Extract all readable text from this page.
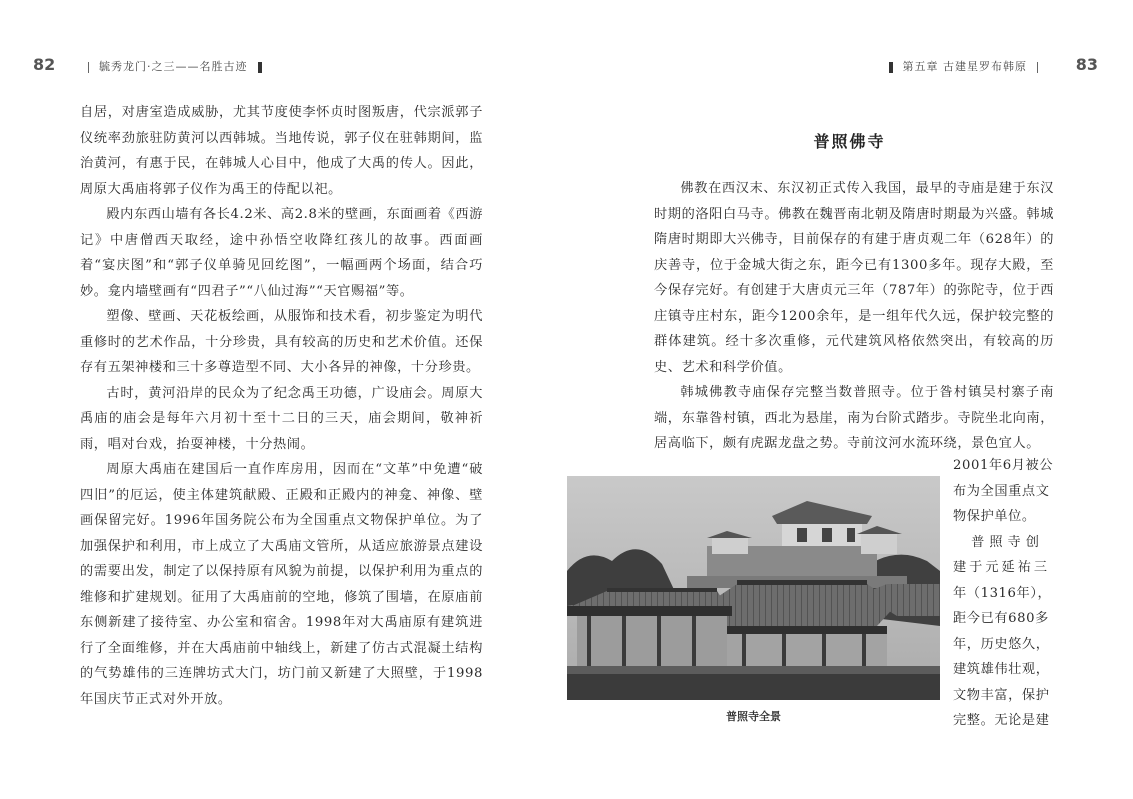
82	毓秀龙门·之三——名胜古迹

自居，对唐室造成威胁，尤其节度使李怀贞时图叛唐，代宗派郭子仪统率劲旅驻防黄河以西韩城。当地传说，郭子仪在驻韩期间，监治黄河，有惠于民，在韩城人心目中，他成了大禹的传人。因此，周原大禹庙将郭子仪作为禹王的侍配以祀。

殿内东西山墙有各长4.2米、高2.8米的壁画，东面画着《西游记》中唐僧西天取经，途中孙悟空收降红孩儿的故事。西面画着“宴庆图”和“郭子仪单骑见回纥图”，一幅画两个场面，结合巧妙。龛内墙壁画有“四君子”“八仙过海”“天官赐福”等。

塑像、壁画、天花板绘画，从服饰和技术看，初步鉴定为明代重修时的艺术作品，十分珍贵，具有较高的历史和艺术价值。还保存有五架神楼和三十多尊造型不同、大小各异的神像，十分珍贵。

古时，黄河沿岸的民众为了纪念禹王功德，广设庙会。周原大禹庙的庙会是每年六月初十至十二日的三天，庙会期间，敬神祈雨，唱对台戏，抬耍神楼，十分热闹。

周原大禹庙在建国后一直作库房用，因而在“文革”中免遭“破四旧”的厄运，使主体建筑献殿、正殿和正殿内的神龛、神像、壁画保留完好。1996年国务院公布为全国重点文物保护单位。为了加强保护和利用，市上成立了大禹庙文管所，从适应旅游景点建设的需要出发，制定了以保持原有风貌为前提，以保护利用为重点的维修和扩建规划。征用了大禹庙前的空地，修筑了围墙，在原庙前东侧新建了接待室、办公室和宿舍。1998年对大禹庙原有建筑进行了全面维修，并在大禹庙前中轴线上，新建了仿古式混凝土结构的气势雄伟的三连牌坊式大门，坊门前又新建了大照壁，于1998年国庆节正式对外开放。

第五章 古建星罗布韩原	83
普照佛寺

佛教在西汉末、东汉初正式传入我国，最早的寺庙是建于东汉时期的洛阳白马寺。佛教在魏晋南北朝及隋唐时期最为兴盛。韩城隋唐时期即大兴佛寺，目前保存的有建于唐贞观二年（628年）的庆善寺，位于金城大街之东，距今已有1300多年。现存大殿，至今保存完好。有创建于大唐贞元三年（787年）的弥陀寺，位于西庄镇寺庄村东，距今1200余年，是一组年代久远，保护较完整的群体建筑。经十多次重修，元代建筑风格依然突出，有较高的历史、艺术和科学价值。

韩城佛教寺庙保存完整当数普照寺。位于昝村镇吴村寨子南端，东靠昝村镇，西北为悬崖，南为台阶式踏步。寺院坐北向南，居高临下，颇有虎踞龙盘之势。寺前汶河水流环绕，景色宜人。

普照寺全景
2001年6月被公
布为全国重点文
物保护单位。
　普照寺创
建于元延祐三
年（1316年），
距今已有680多
年，历史悠久，
建筑雄伟壮观，
文物丰富，保护
完整。无论是建
